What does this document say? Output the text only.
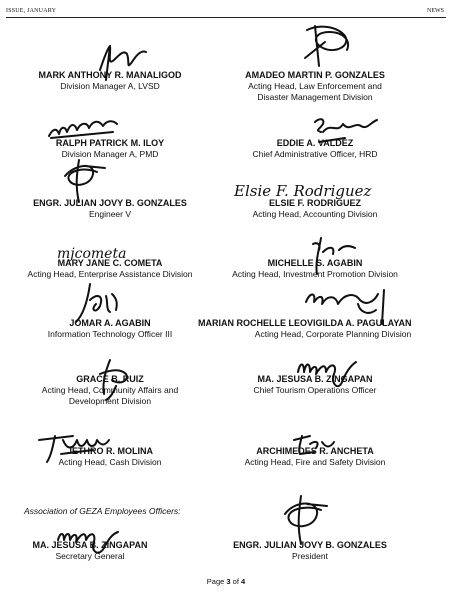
ISSUE, JANUARY	NEWS
MARK ANTHONY R. MANALIGOD
Division Manager A, LVSD
AMADEO MARTIN P. GONZALES
Acting Head, Law Enforcement and
Disaster Management Division
RALPH PATRICK M. ILOY
Division Manager A, PMD
EDDIE A. VALDEZ
Chief Administrative Officer, HRD
ENGR. JULIAN JOVY B. GONZALES
Engineer V
Elsie F. Rodriguez
ELSIE F. RODRIGUEZ
Acting Head, Accounting Division
mjcometa
MARY JANE C. COMETA
Acting Head, Enterprise Assistance Division
MICHELLE S. AGABIN
Acting Head, Investment Promotion Division
JOMAR A. AGABIN
Information Technology Officer III
MARIAN ROCHELLE LEOVIGILDA A. PAGULAYAN
Acting Head, Corporate Planning Division
GRACE B. RUIZ
Acting Head, Community Affairs and
Development Division
MA. JESUSA B. ZINGAPAN
Chief Tourism Operations Officer
JETHRO R. MOLINA
Acting Head, Cash Division
ARCHIMEDES R. ANCHETA
Acting Head, Fire and Safety Division
Association of GEZA Employees Officers:
MA. JESUSA B. ZINGAPAN
Secretary General
ENGR. JULIAN JOVY B. GONZALES
President
Page 3 of 4
